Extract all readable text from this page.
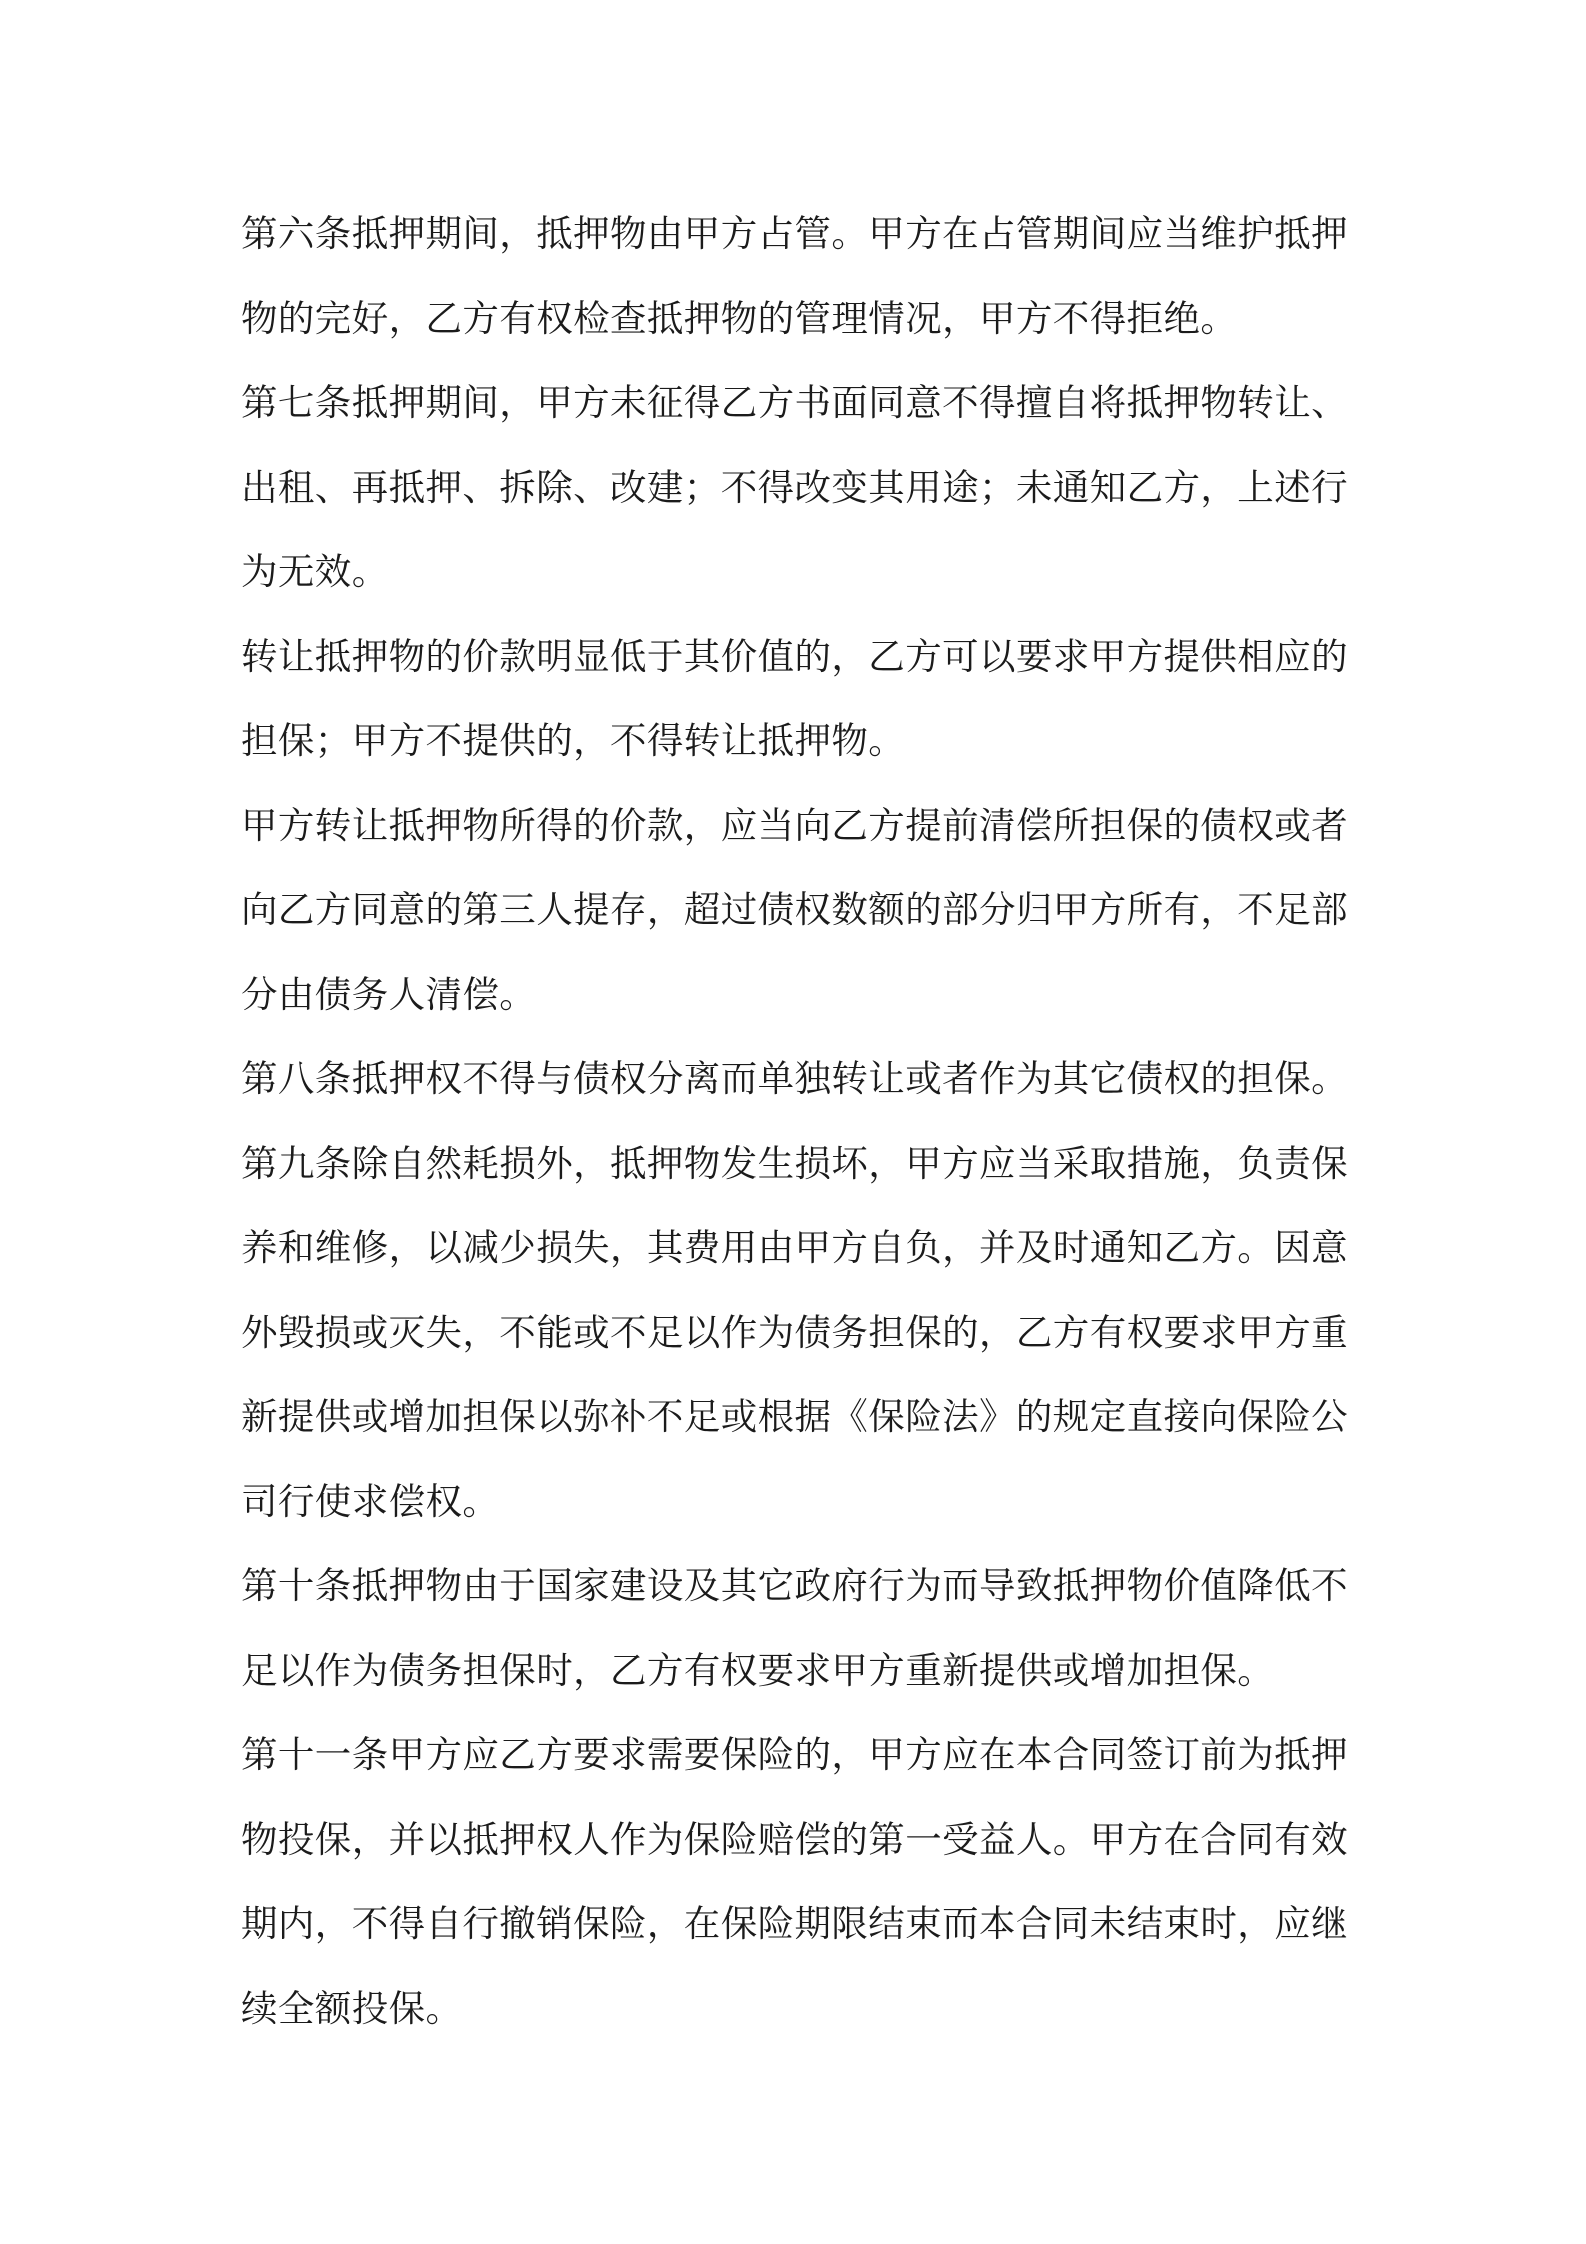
第六条抵押期间，抵押物由甲方占管。甲方在占管期间应当维护抵押物的完好，乙方有权检查抵押物的管理情况，甲方不得拒绝。

第七条抵押期间，甲方未征得乙方书面同意不得擅自将抵押物转让、出租、再抵押、拆除、改建；不得改变其用途；未通知乙方，上述行为无效。

转让抵押物的价款明显低于其价值的，乙方可以要求甲方提供相应的担保；甲方不提供的，不得转让抵押物。

甲方转让抵押物所得的价款，应当向乙方提前清偿所担保的债权或者向乙方同意的第三人提存，超过债权数额的部分归甲方所有，不足部分由债务人清偿。

第八条抵押权不得与债权分离而单独转让或者作为其它债权的担保。

第九条除自然耗损外，抵押物发生损坏，甲方应当采取措施，负责保养和维修，以减少损失，其费用由甲方自负，并及时通知乙方。因意外毁损或灭失，不能或不足以作为债务担保的，乙方有权要求甲方重新提供或增加担保以弥补不足或根据《保险法》的规定直接向保险公司行使求偿权。

第十条抵押物由于国家建设及其它政府行为而导致抵押物价值降低不足以作为债务担保时，乙方有权要求甲方重新提供或增加担保。

第十一条甲方应乙方要求需要保险的，甲方应在本合同签订前为抵押物投保，并以抵押权人作为保险赔偿的第一受益人。甲方在合同有效期内，不得自行撤销保险，在保险期限结束而本合同未结束时，应继续全额投保。
